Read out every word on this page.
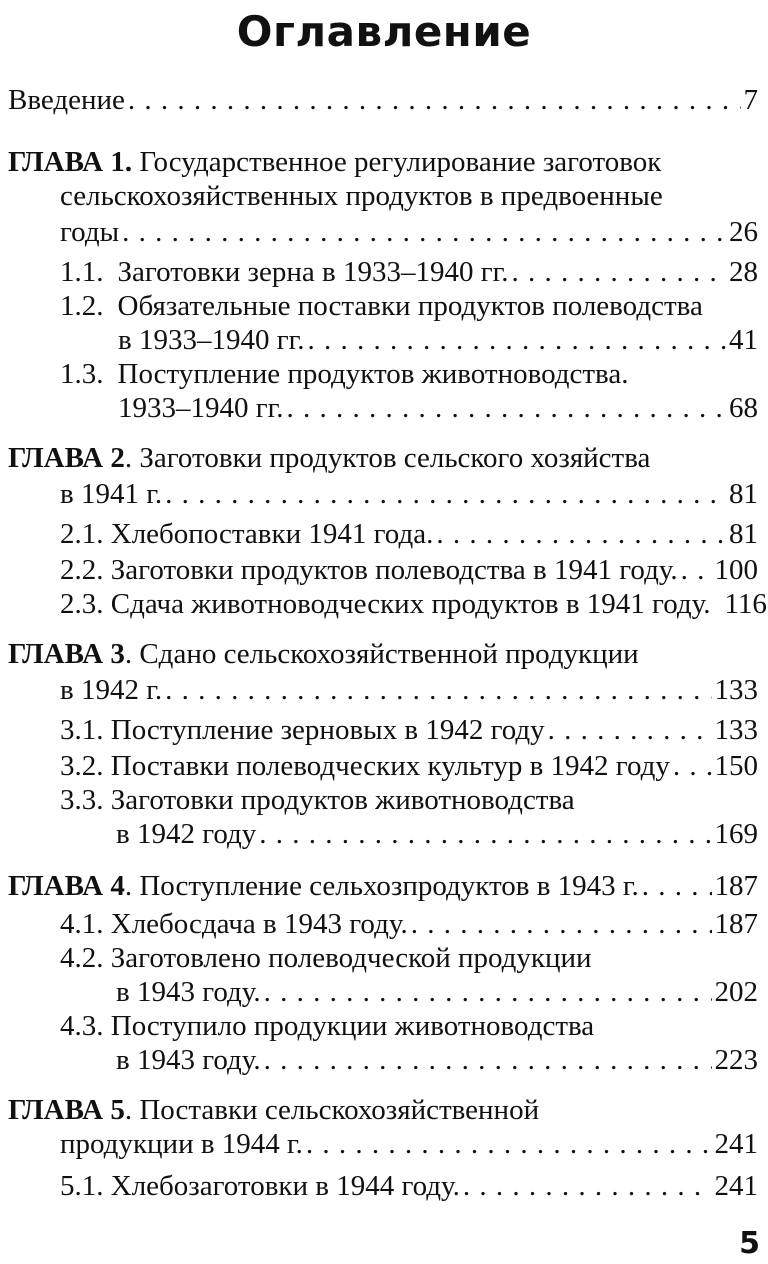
Оглавление
Введение . . .	7
ГЛАВА 1. Государственное регулирование заготовок
сельскохозяйственных продуктов в предвоенные
годы . . .	26
1.1. Заготовки зерна в 1933–1940 гг. . . .	28
1.2. Обязательные поставки продуктов полеводства
в 1933–1940 гг. . . .	41
1.3. Поступление продуктов животноводства.
1933–1940 гг. . . .	68
ГЛАВА 2. Заготовки продуктов сельского хозяйства
в 1941 г. . . .	81
2.1. Хлебопоставки 1941 года. . . .	81
2.2. Заготовки продуктов полеводства в 1941 году. . . . 100
2.3. Сдача животноводческих продуктов в 1941 году. 116
ГЛАВА 3. Сдано сельскохозяйственной продукции
в 1942 г. . . .	133
3.1. Поступление зерновых в 1942 году . . .	133
3.2. Поставки полеводческих культур в 1942 году . . . 150
3.3. Заготовки продуктов животноводства
в 1942 году . . .	169
ГЛАВА 4. Поступление сельхозпродуктов в 1943 г. . . .	187
4.1. Хлебосдача в 1943 году. . . .	187
4.2. Заготовлено полеводческой продукции
в 1943 году. . . .	202
4.3. Поступило продукции животноводства
в 1943 году. . . .	223
ГЛАВА 5. Поставки сельскохозяйственной
продукции в 1944 г. . . .	241
5.1. Хлебозаготовки в 1944 году. . . .	241
5
